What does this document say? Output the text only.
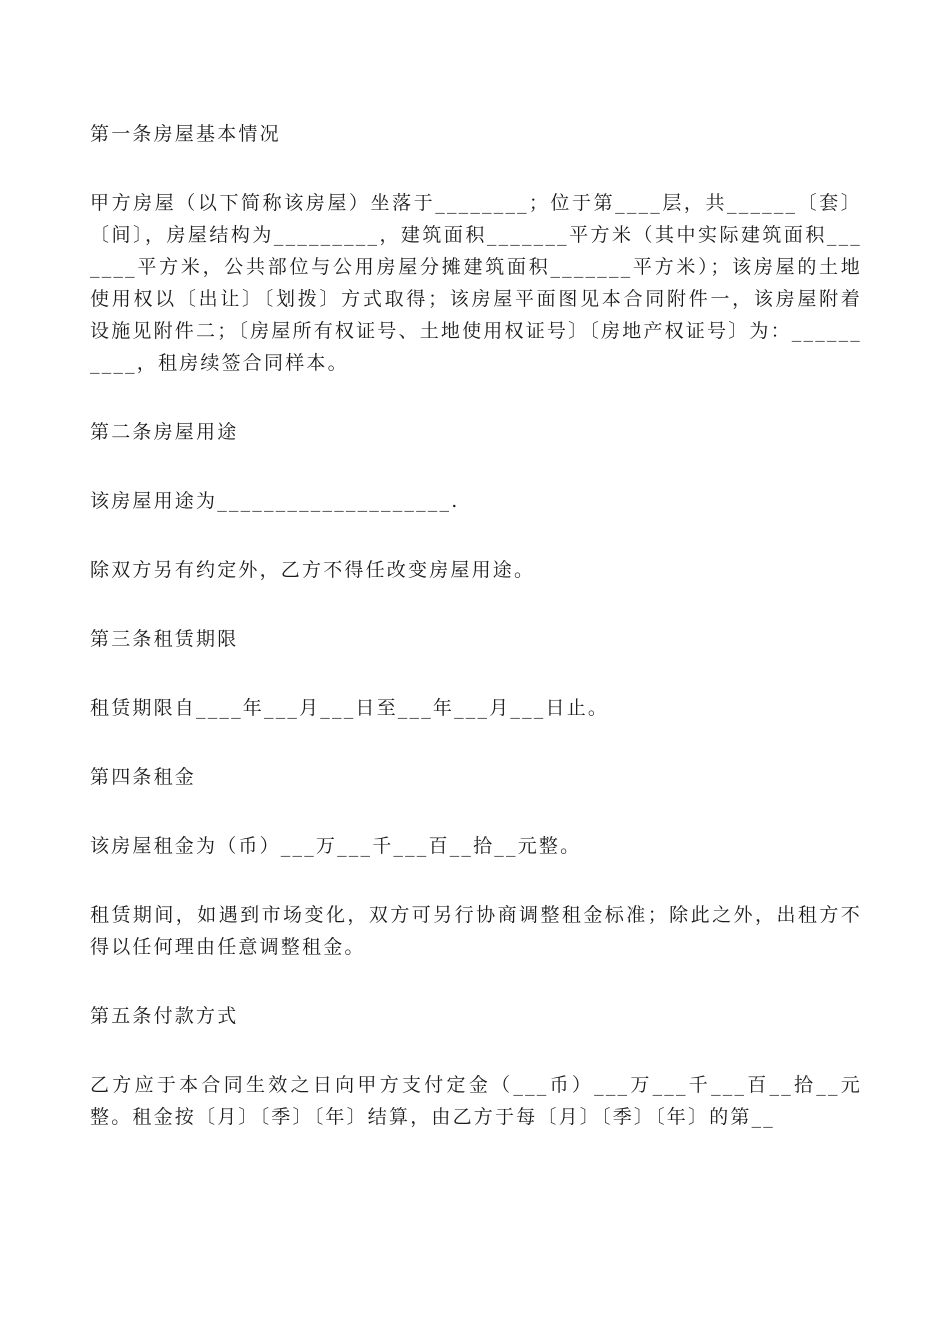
第一条房屋基本情况

甲方房屋（以下简称该房屋）坐落于________；位于第____层，共______〔套〕〔间〕，房屋结构为_________，建筑面积_______平方米（其中实际建筑面积_______平方米，公共部位与公用房屋分摊建筑面积_______平方米）；该房屋的土地使用权以〔出让〕〔划拨〕方式取得；该房屋平面图见本合同附件一，该房屋附着设施见附件二；〔房屋所有权证号、土地使用权证号〕〔房地产权证号〕为：__________，租房续签合同样本。

第二条房屋用途

该房屋用途为____________________.

除双方另有约定外，乙方不得任改变房屋用途。

第三条租赁期限

租赁期限自____年___月___日至___年___月___日止。

第四条租金

该房屋租金为（币）___万___千___百__拾__元整。

租赁期间，如遇到市场变化，双方可另行协商调整租金标准；除此之外，出租方不得以任何理由任意调整租金。

第五条付款方式

乙方应于本合同生效之日向甲方支付定金（___币）___万___千___百__拾__元整。租金按〔月〕〔季〕〔年〕结算，由乙方于每〔月〕〔季〕〔年〕的第__
